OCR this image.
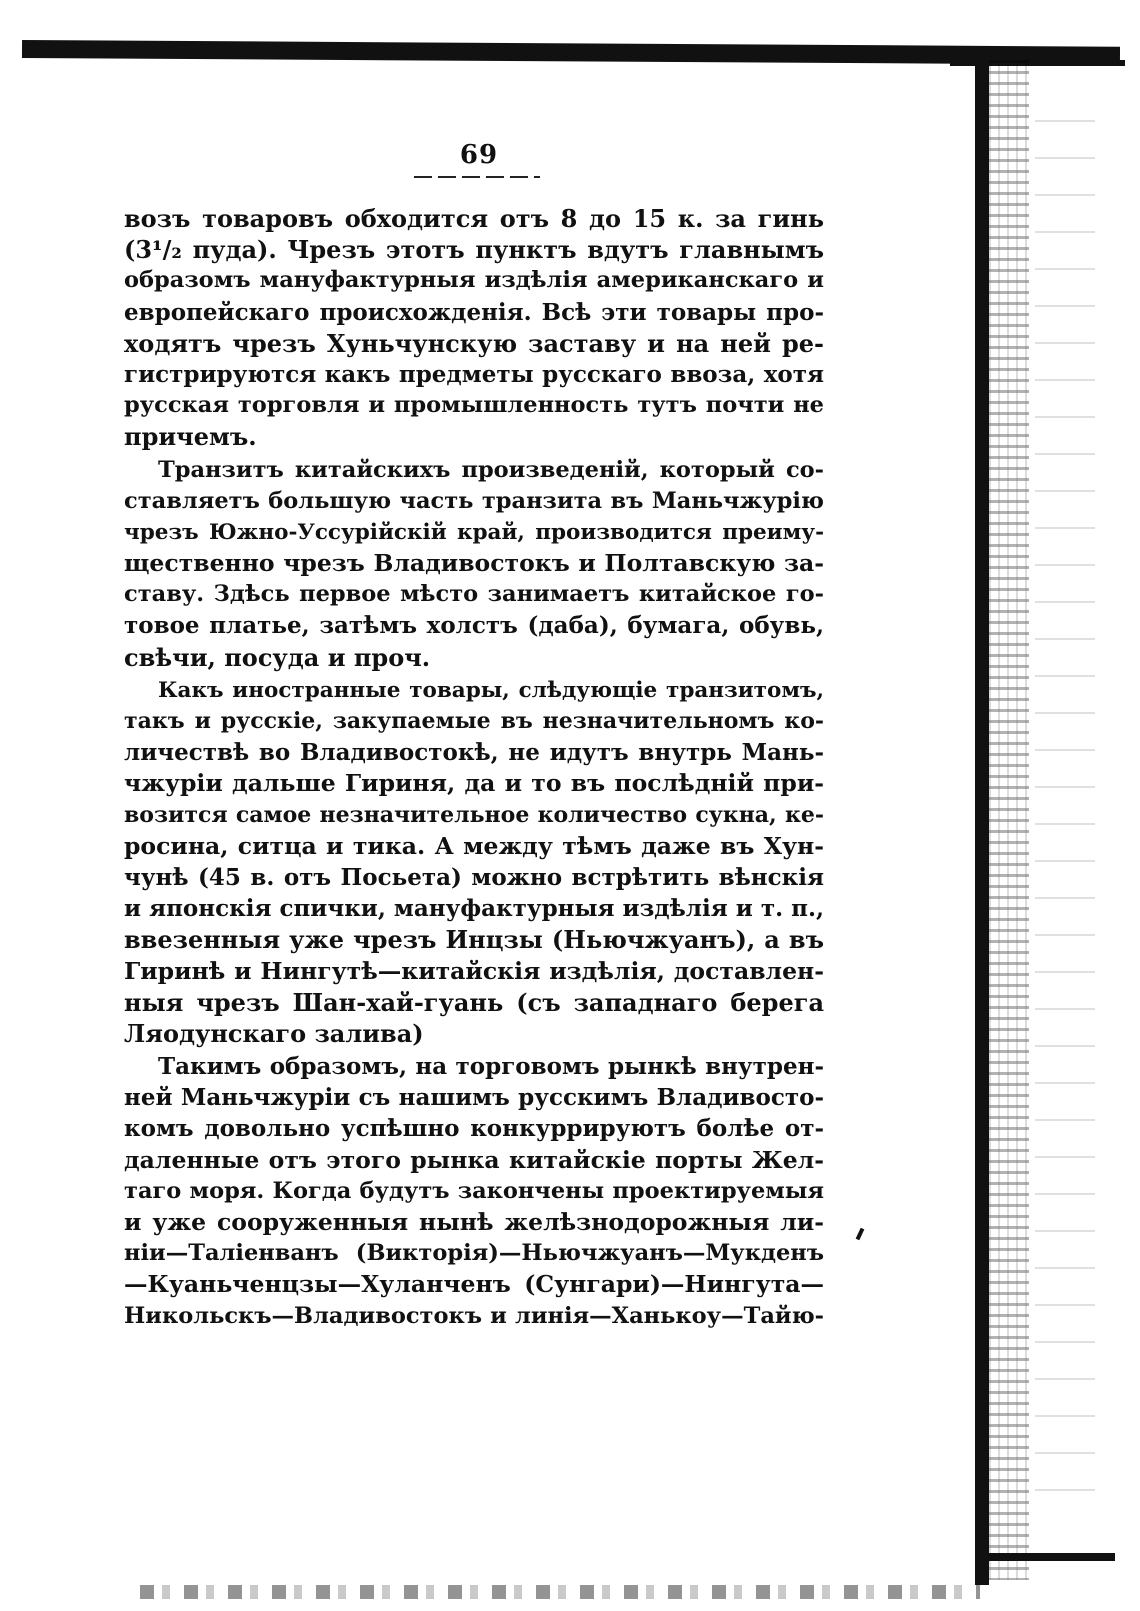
69
возъ товаровъ обходится отъ 8 до 15 к. за гинь
(3¹/₂ пуда). Чрезъ этотъ пунктъ вдутъ главнымъ
образомъ мануфактурныя издѣлія американскаго и
европейскаго происхожденія. Всѣ эти товары про-
ходятъ чрезъ Хуньчунскую заставу и на ней ре-
гистрируются какъ предметы русскаго ввоза, хотя
русская торговля и промышленность тутъ почти не
причемъ.
Транзитъ китайскихъ произведеній, который со-
ставляетъ большую часть транзита въ Маньчжурію
чрезъ Южно-Уссурійскій край, производится преиму-
щественно чрезъ Владивостокъ и Полтавскую за-
ставу. Здѣсь первое мѣсто занимаетъ китайское го-
товое платье, затѣмъ холстъ (даба), бумага, обувь,
свѣчи, посуда и проч.
Какъ иностранные товары, слѣдующіе транзитомъ,
такъ и русскіе, закупаемые въ незначительномъ ко-
личествѣ во Владивостокѣ, не идутъ внутрь Мань-
чжуріи дальше Гириня, да и то въ послѣдній при-
возится самое незначительное количество сукна, ке-
росина, ситца и тика. А между тѣмъ даже въ Хун-
чунѣ (45 в. отъ Посьета) можно встрѣтить вѣнскія
и японскія спички, мануфактурныя издѣлія и т. п.,
ввезенныя уже чрезъ Инцзы (Ньючжуанъ), а въ
Гиринѣ и Нингутѣ—китайскія издѣлія, доставлен-
ныя чрезъ Шан-хай-гуань (съ западнаго берега
Ляодунскаго залива)
Такимъ образомъ, на торговомъ рынкѣ внутрен-
ней Маньчжуріи съ нашимъ русскимъ Владивосто-
комъ довольно успѣшно конкуррируютъ болѣе от-
даленные отъ этого рынка китайскіе порты Жел-
таго моря. Когда будутъ закончены проектируемыя
и уже сооруженныя нынѣ желѣзнодорожныя ли-
ніи—Таліенванъ (Викторія)—Ньючжуанъ—Мукденъ
—Куаньченцзы—Хуланченъ (Сунгари)—Нингута—
Никольскъ—Владивостокъ и линія—Ханькоу—Тайю-
